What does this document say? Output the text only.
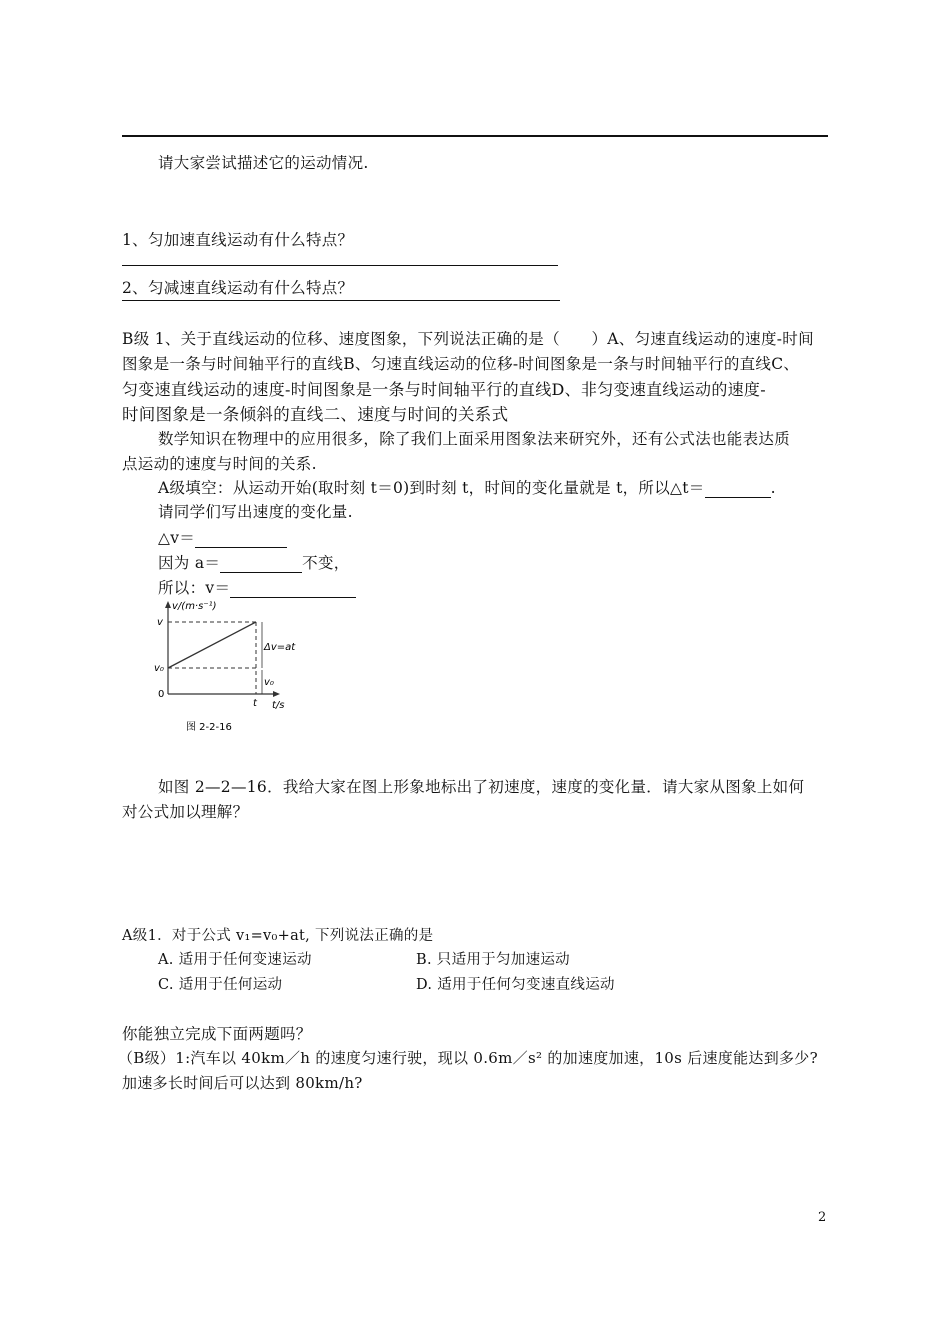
请大家尝试描述它的运动情况.
1、匀加速直线运动有什么特点？
2、匀减速直线运动有什么特点？
B级 1、关于直线运动的位移、速度图象，下列说法正确的是（　　）A、匀速直线运动的速度-时间
图象是一条与时间轴平行的直线B、匀速直线运动的位移-时间图象是一条与时间轴平行的直线C、
匀变速直线运动的速度-时间图象是一条与时间轴平行的直线D、非匀变速直线运动的速度-
时间图象是一条倾斜的直线二、速度与时间的关系式
数学知识在物理中的应用很多，除了我们上面采用图象法来研究外，还有公式法也能表达质
点运动的速度与时间的关系.
A级填空：从运动开始(取时刻 t＝0)到时刻 t，时间的变化量就是 t，所以△t＝	.
请同学们写出速度的变化量.
△v＝
因为 a＝	不变，
所以：v＝
v/(m·s⁻¹)
v
v₀
0
Δv=at
v₀
t t/s
图 2-2-16
如图 2—2—16．我给大家在图上形象地标出了初速度，速度的变化量．请大家从图象上如何
对公式加以理解？
A级1．对于公式 v₁=v₀+at, 下列说法正确的是
A. 适用于任何变速运动	B. 只适用于匀加速运动
C. 适用于任何运动	D. 适用于任何匀变速直线运动
你能独立完成下面两题吗？
（B级）1:汽车以 40km／h 的速度匀速行驶，现以 0.6m／s² 的加速度加速，10s 后速度能达到多少?
加速多长时间后可以达到 80km/h?
2
